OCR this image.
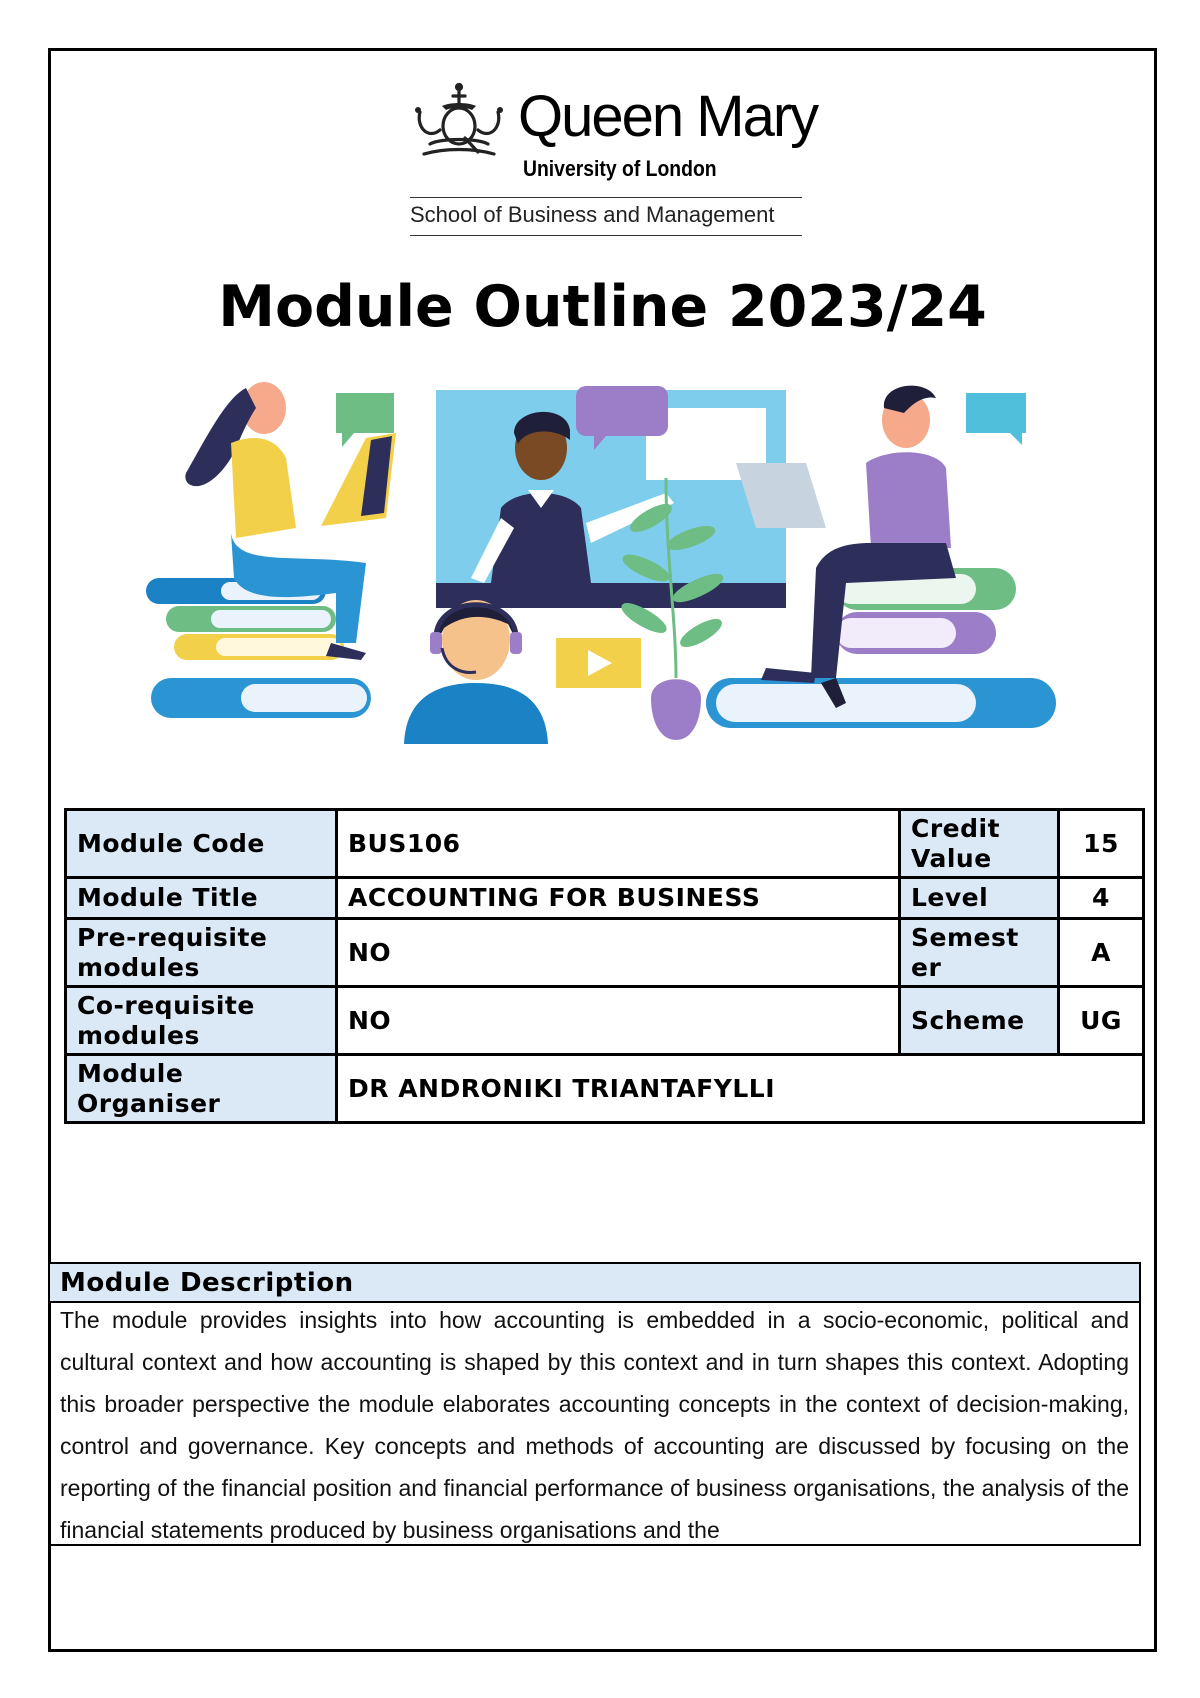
Queen Mary
University of London
School of Business and Management
Module Outline 2023/24
Module Code	BUS106	Credit Value	15
Module Title	ACCOUNTING FOR BUSINESS	Level	4
Pre-requisite modules	NO	Semest er	A
Co-requisite modules	NO	Scheme	UG
Module Organiser	DR ANDRONIKI TRIANTAFYLLI		
Module Description
The module provides insights into how accounting is embedded in a socio-economic, political and cultural context and how accounting is shaped by this context and in turn shapes this context. Adopting this broader perspective the module elaborates accounting concepts in the context of decision-making, control and governance. Key concepts and methods of accounting are discussed by focusing on the reporting of the financial position and financial performance of business organisations, the analysis of the financial statements produced by business organisations and the
